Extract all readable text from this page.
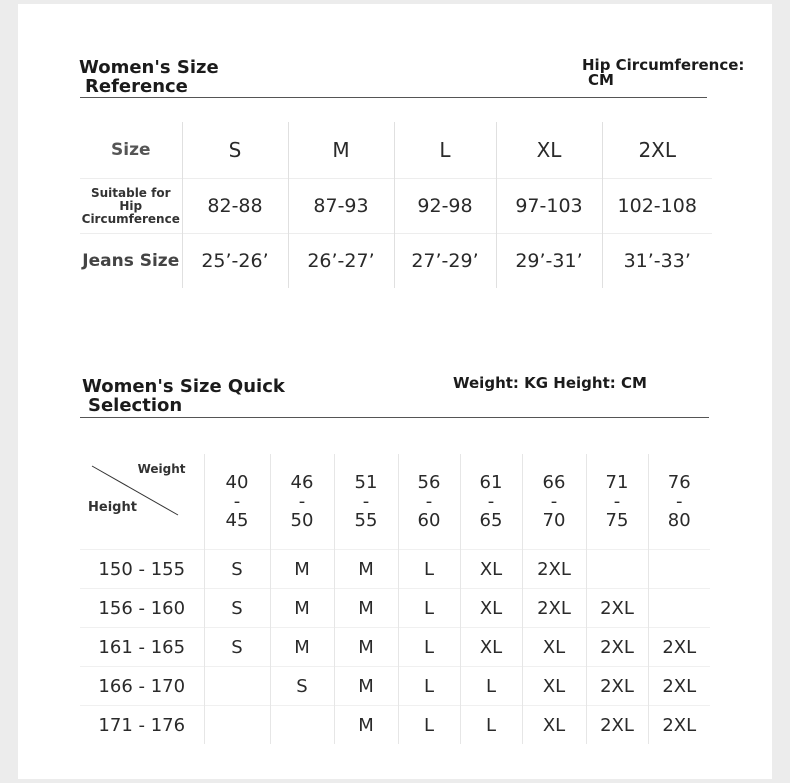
Women's Size
Reference
Hip Circumference:
CM
Size	S	M	L	XL	2XL

Suitable for Hip
Circumference	82-88	87-93	92-98	97-103	102-108
Jeans Size	25’-26’	26’-27’	27’-29’	29’-31’	31’-33’
Women's Size Quick
Selection
Weight: KG Height: CM
Weight
Height	40
-
45	46
-
50	51
-
55	56
-
60	61
-
65	66
-
70	71
-
75	76
-
80

150 - 155	S	M	M	L	XL	2XL		
156 - 160	S	M	M	L	XL	2XL	2XL	
161 - 165	S	M	M	L	XL	XL	2XL	2XL
166 - 170		S	M	L	L	XL	2XL	2XL
171 - 176			M	L	L	XL	2XL	2XL
